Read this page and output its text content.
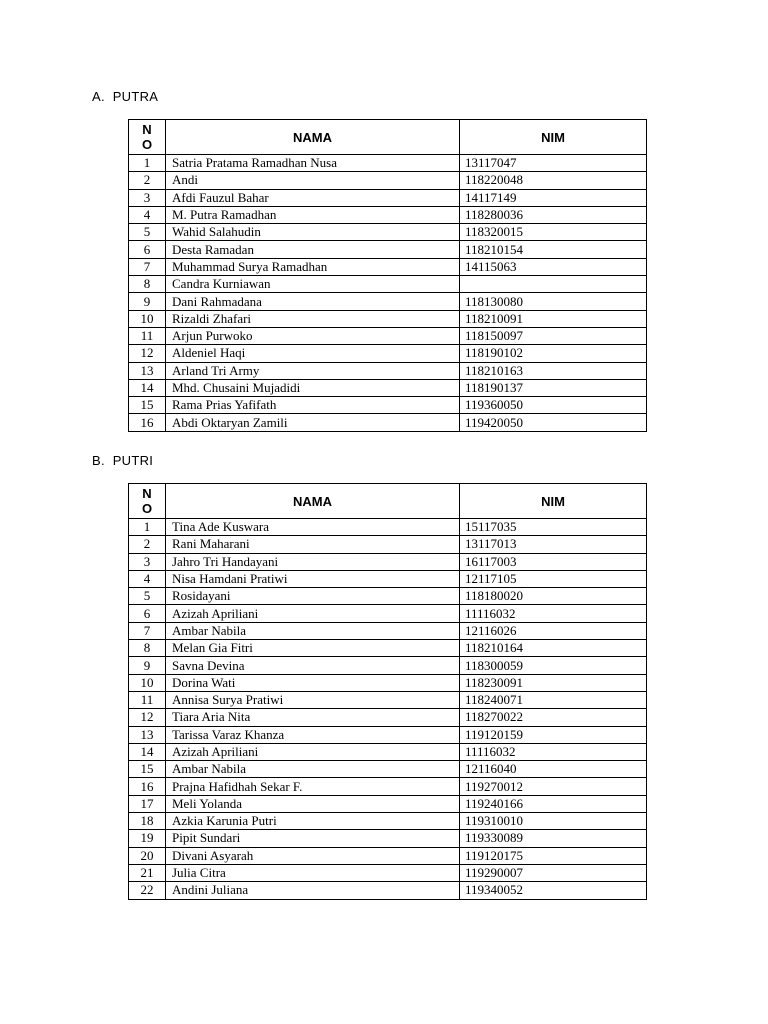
A.  PUTRA
NO	NAMA	NIM
1	Satria Pratama Ramadhan Nusa	13117047
2	Andi	118220048
3	Afdi Fauzul Bahar	14117149
4	M. Putra Ramadhan	118280036
5	Wahid Salahudin	118320015
6	Desta Ramadan	118210154
7	Muhammad Surya Ramadhan	14115063
8	Candra Kurniawan	
9	Dani Rahmadana	118130080
10	Rizaldi Zhafari	118210091
11	Arjun Purwoko	118150097
12	Aldeniel Haqi	118190102
13	Arland Tri Army	118210163
14	Mhd. Chusaini Mujadidi	118190137
15	Rama Prias Yafifath	119360050
16	Abdi Oktaryan Zamili	119420050
B.  PUTRI
NO	NAMA	NIM
1	Tina Ade Kuswara	15117035
2	Rani Maharani	13117013
3	Jahro Tri Handayani	16117003
4	Nisa Hamdani Pratiwi	12117105
5	Rosidayani	118180020
6	Azizah Apriliani	11116032
7	Ambar Nabila	12116026
8	Melan Gia Fitri	118210164
9	Savna Devina	118300059
10	Dorina Wati	118230091
11	Annisa Surya Pratiwi	118240071
12	Tiara Aria Nita	118270022
13	Tarissa Varaz Khanza	119120159
14	Azizah Apriliani	11116032
15	Ambar Nabila	12116040
16	Prajna Hafidhah Sekar F.	119270012
17	Meli Yolanda	119240166
18	Azkia Karunia Putri	119310010
19	Pipit Sundari	119330089
20	Divani Asyarah	119120175
21	Julia Citra	119290007
22	Andini Juliana	119340052
